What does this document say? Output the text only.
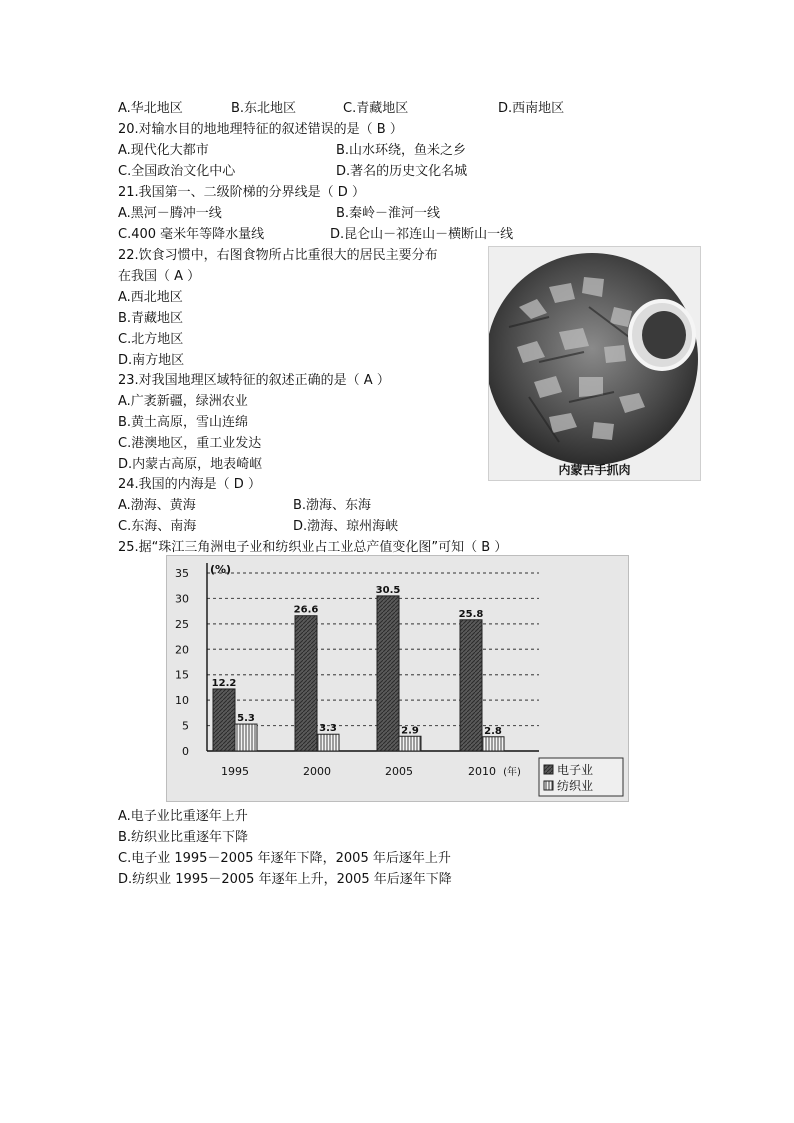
A.华北地区	B.东北地区	C.青藏地区	D.西南地区
20.对输水目的地地理特征的叙述错误的是（ B ）
A.现代化大都市	B.山水环绕，鱼米之乡
C.全国政治文化中心	D.著名的历史文化名城
21.我国第一、二级阶梯的分界线是（ D ）
A.黑河－腾冲一线	B.秦岭－淮河一线
C.400 毫米年等降水量线	D.昆仑山－祁连山－横断山一线
22.饮食习惯中，右图食物所占比重很大的居民主要分布
在我国（ A ）
A.西北地区
B.青藏地区
C.北方地区
D.南方地区
内蒙古手抓肉
23.对我国地理区域特征的叙述正确的是（ A ）
A.广袤新疆，绿洲农业
B.黄土高原，雪山连绵
C.港澳地区，重工业发达
D.内蒙古高原，地表崎岖
24.我国的内海是（ D ）
A.渤海、黄海	B.渤海、东海
C.东海、南海	D.渤海、琼州海峡
25.据“珠江三角洲电子业和纺织业占工业总产值变化图”可知（ B ）
0
5
10
15
20
25
30
35 (%)
1995	2000	2005	2010 (年)
12.2
26.6
30.5
25.8
5.3
3.3	2.9	2.8
电子业
纺织业
A.电子业比重逐年上升
B.纺织业比重逐年下降
C.电子业 1995－2005 年逐年下降，2005 年后逐年上升
D.纺织业 1995－2005 年逐年上升，2005 年后逐年下降
